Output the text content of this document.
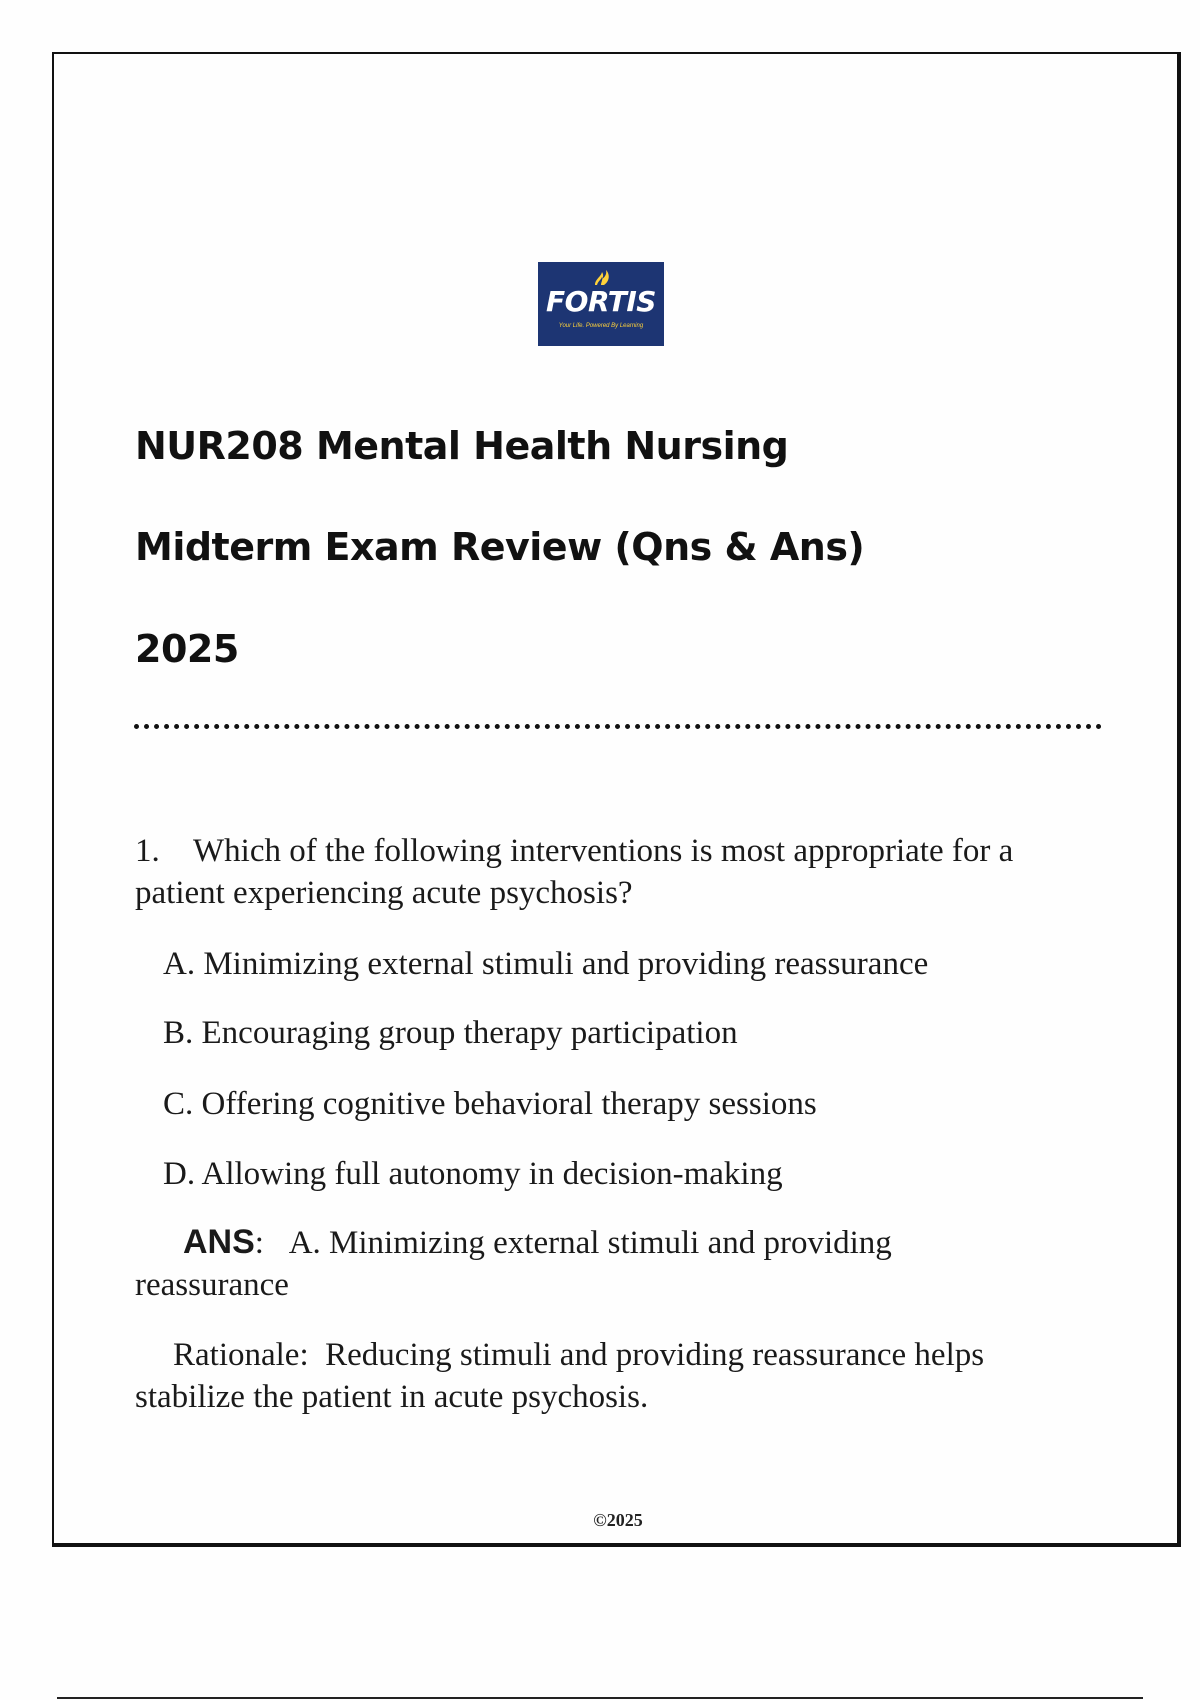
FORTIS
Your Life. Powered By Learning
NUR208 Mental Health Nursing
Midterm Exam Review (Qns & Ans)
2025
1. Which of the following interventions is most appropriate for a patient experiencing acute psychosis?
A. Minimizing external stimuli and providing reassurance
B. Encouraging group therapy participation
C. Offering cognitive behavioral therapy sessions
D. Allowing full autonomy in decision-making
ANS: A. Minimizing external stimuli and providing reassurance
Rationale: Reducing stimuli and providing reassurance helps stabilize the patient in acute psychosis.
©2025
